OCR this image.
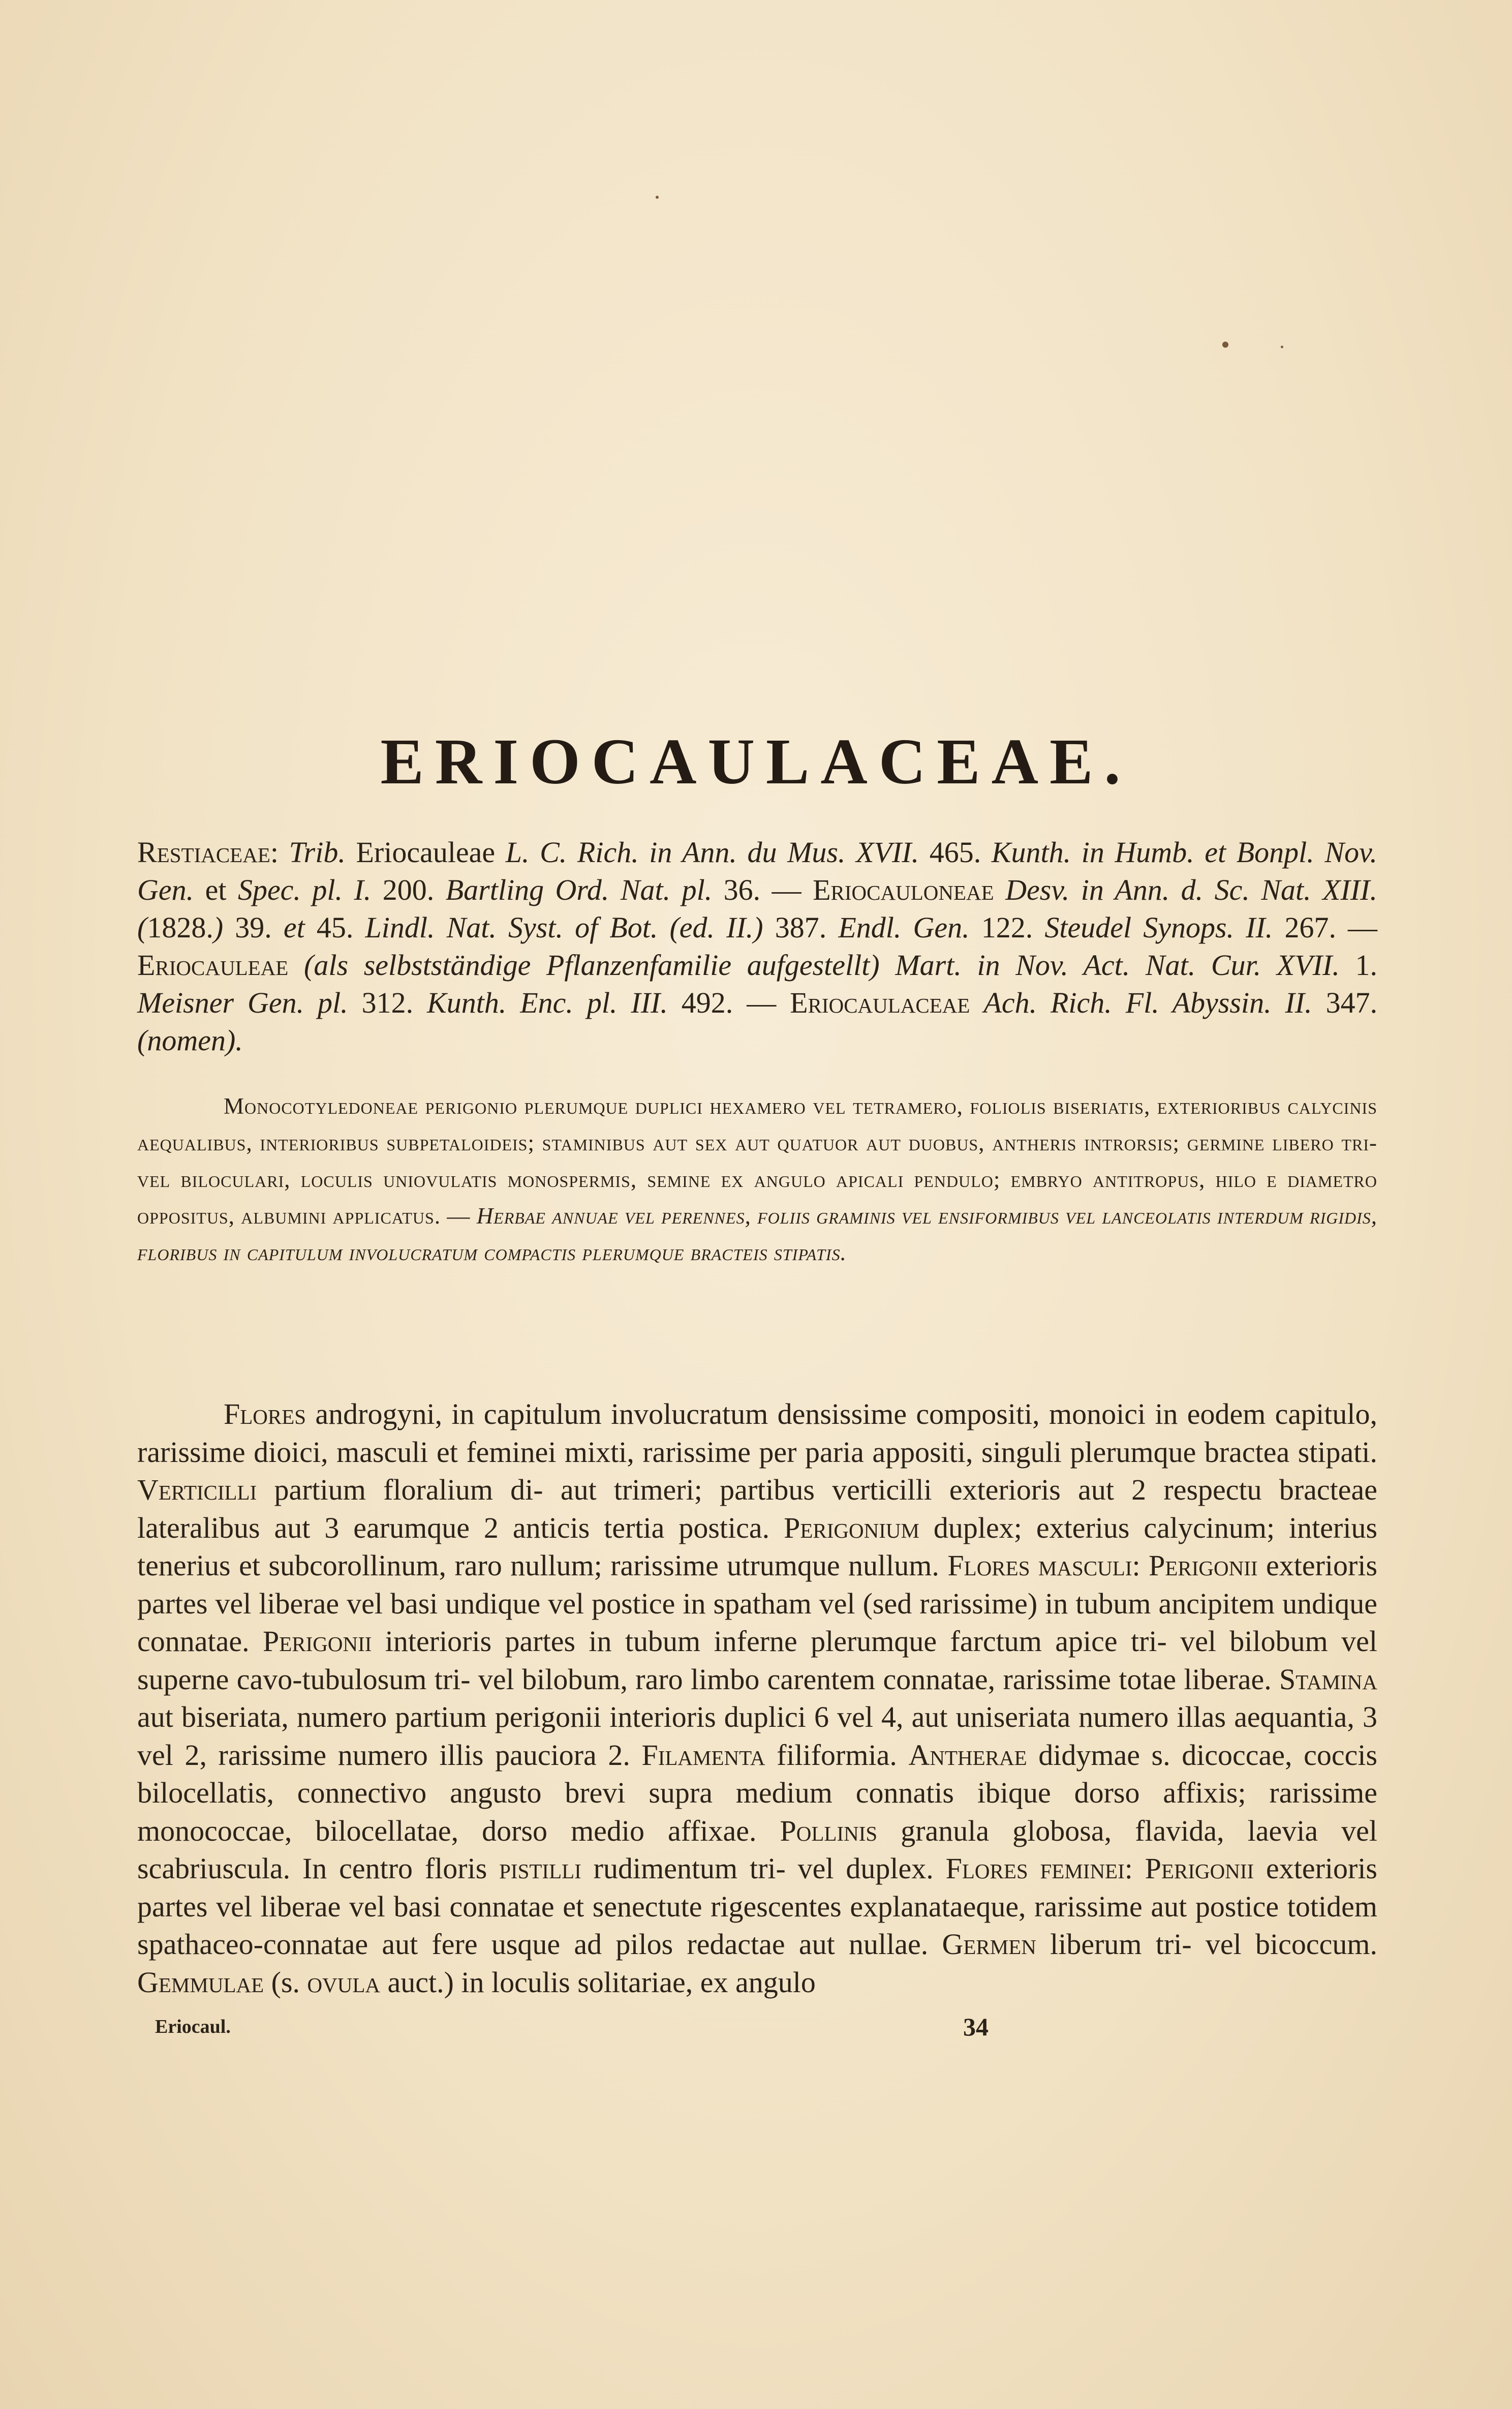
ERIOCAULACEAE.
Restiaceae: Trib. Eriocauleae L. C. Rich. in Ann. du Mus. XVII. 465. Kunth. in Humb. et Bonpl. Nov. Gen. et Spec. pl. I. 200. Bartling Ord. Nat. pl. 36. — Eriocauloneae Desv. in Ann. d. Sc. Nat. XIII. (1828.) 39. et 45. Lindl. Nat. Syst. of Bot. (ed. II.) 387. Endl. Gen. 122. Steudel Synops. II. 267. — Eriocauleae (als selbstständige Pflanzenfamilie aufgestellt) Mart. in Nov. Act. Nat. Cur. XVII. 1. Meisner Gen. pl. 312. Kunth. Enc. pl. III. 492. — Eriocaulaceae Ach. Rich. Fl. Abyssin. II. 347. (nomen).
Monocotyledoneae perigonio plerumque duplici hexamero vel tetramero, foliolis biseriatis, exterioribus calycinis aequalibus, interioribus subpetaloideis; staminibus aut sex aut quatuor aut duobus, antheris introrsis; germine libero tri- vel biloculari, loculis uniovulatis monospermis, semine ex angulo apicali pendulo; embryo antitropus, hilo e diametro oppositus, albumini applicatus. — Herbae annuae vel perennes, foliis graminis vel ensiformibus vel lanceolatis interdum rigidis, floribus in capitulum involucratum compactis plerumque bracteis stipatis.
Flores androgyni, in capitulum involucratum densissime compositi, monoici in eodem capitulo, rarissime dioici, masculi et feminei mixti, rarissime per paria appositi, singuli plerumque bractea stipati. Verticilli partium floralium di- aut trimeri; partibus verticilli exterioris aut 2 respectu bracteae lateralibus aut 3 earumque 2 anticis tertia postica. Perigonium duplex; exterius calycinum; interius tenerius et subcorollinum, raro nullum; rarissime utrumque nullum. Flores masculi: Perigonii exterioris partes vel liberae vel basi undique vel postice in spatham vel (sed rarissime) in tubum ancipitem undique connatae. Perigonii interioris partes in tubum inferne plerumque farctum apice tri- vel bilobum vel superne cavo-tubulosum tri- vel bilobum, raro limbo carentem connatae, rarissime totae liberae. Stamina aut biseriata, numero partium perigonii interioris duplici 6 vel 4, aut uniseriata numero illas aequantia, 3 vel 2, rarissime numero illis pauciora 2. Filamenta filiformia. Antherae didymae s. dicoccae, coccis bilocellatis, connectivo angusto brevi supra medium connatis ibique dorso affixis; rarissime monococcae, bilocellatae, dorso medio affixae. Pollinis granula globosa, flavida, laevia vel scabriuscula. In centro floris pistilli rudimentum tri- vel duplex. Flores feminei: Perigonii exterioris partes vel liberae vel basi connatae et senectute rigescentes explanataeque, rarissime aut postice totidem spathaceo-connatae aut fere usque ad pilos redactae aut nullae. Germen liberum tri- vel bicoccum. Gemmulae (s. ovula auct.) in loculis solitariae, ex angulo
Eriocaul.	34
